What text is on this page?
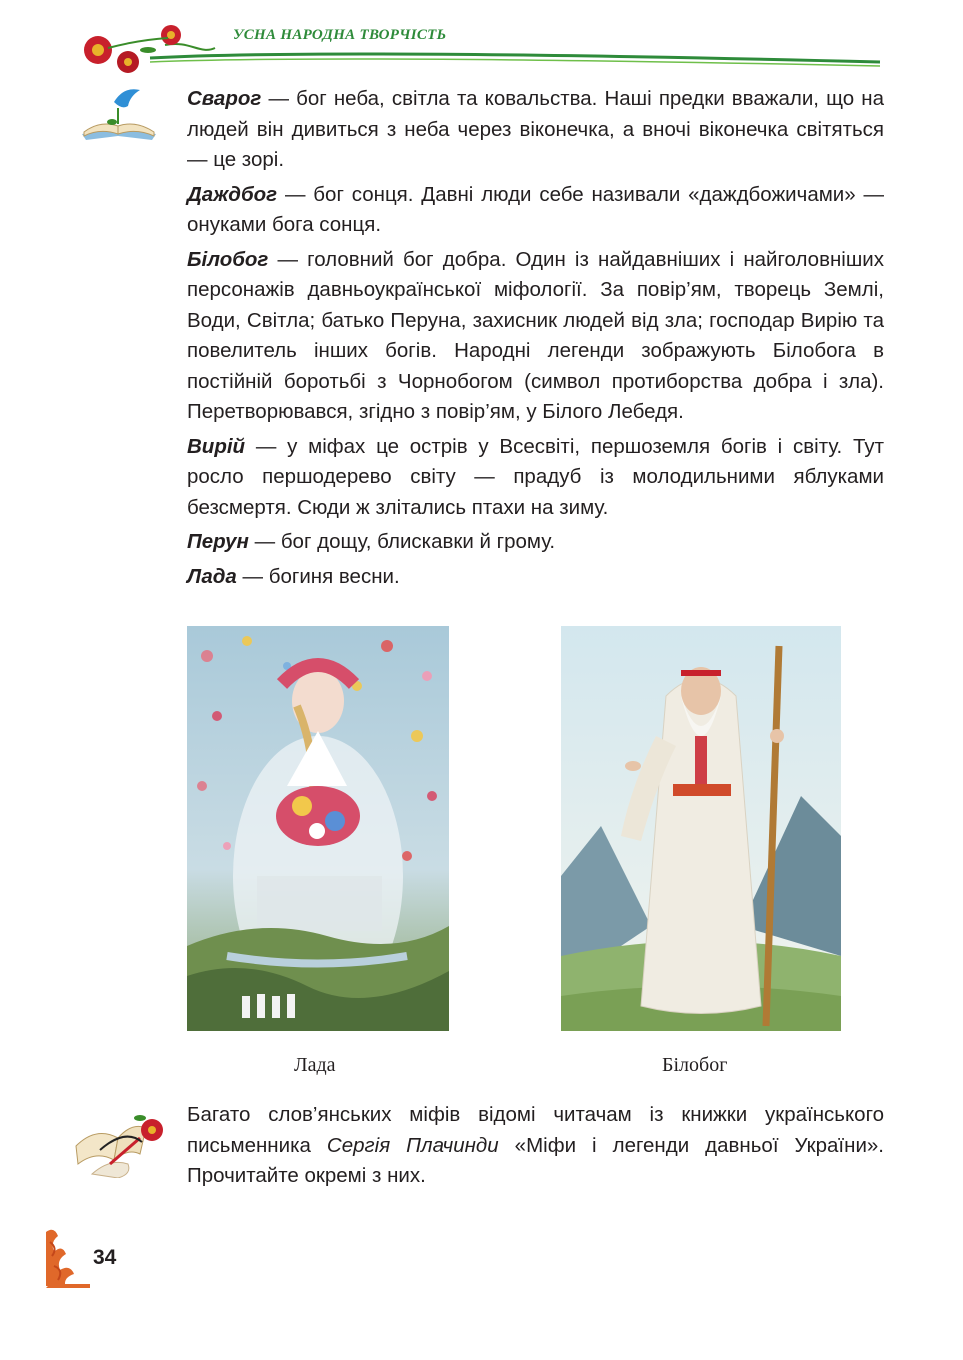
УСНА НАРОДНА ТВОРЧІСТЬ

Сварог — бог неба, світла та ковальства. Наші предки вважали, що на людей він дивиться з неба через віконечка, а вночі віконечка світяться — це зорі.

Даждбог — бог сонця. Давні люди себе називали «даждбожичами» — онуками бога сонця.

Білобог — головний бог добра. Один із найдавніших і найголовніших персонажів давньоукраїнської міфології. За повір’ям, творець Землі, Води, Світла; батько Перуна, захисник людей від зла; господар Вирію та повелитель інших богів. Народні легенди зображують Білобога в постійній боротьбі з Чорнобогом (символ протиборства добра і зла). Перетворювався, згідно з повір’ям, у Білого Лебедя.

Вирій — у міфах це острів у Всесвіті, першоземля богів і світу. Тут росло першодерево світу — прадуб із молодильними яблуками безсмертя. Сюди ж злітались птахи на зиму.

Перун — бог дощу, блискавки й грому.

Лада — богиня весни.

Лада	Білобог
Багато слов’янських міфів відомі читачам із книжки українського письменника Сергія Плачинди «Міфи і легенди давньої України». Прочитайте окремі з них.
34
